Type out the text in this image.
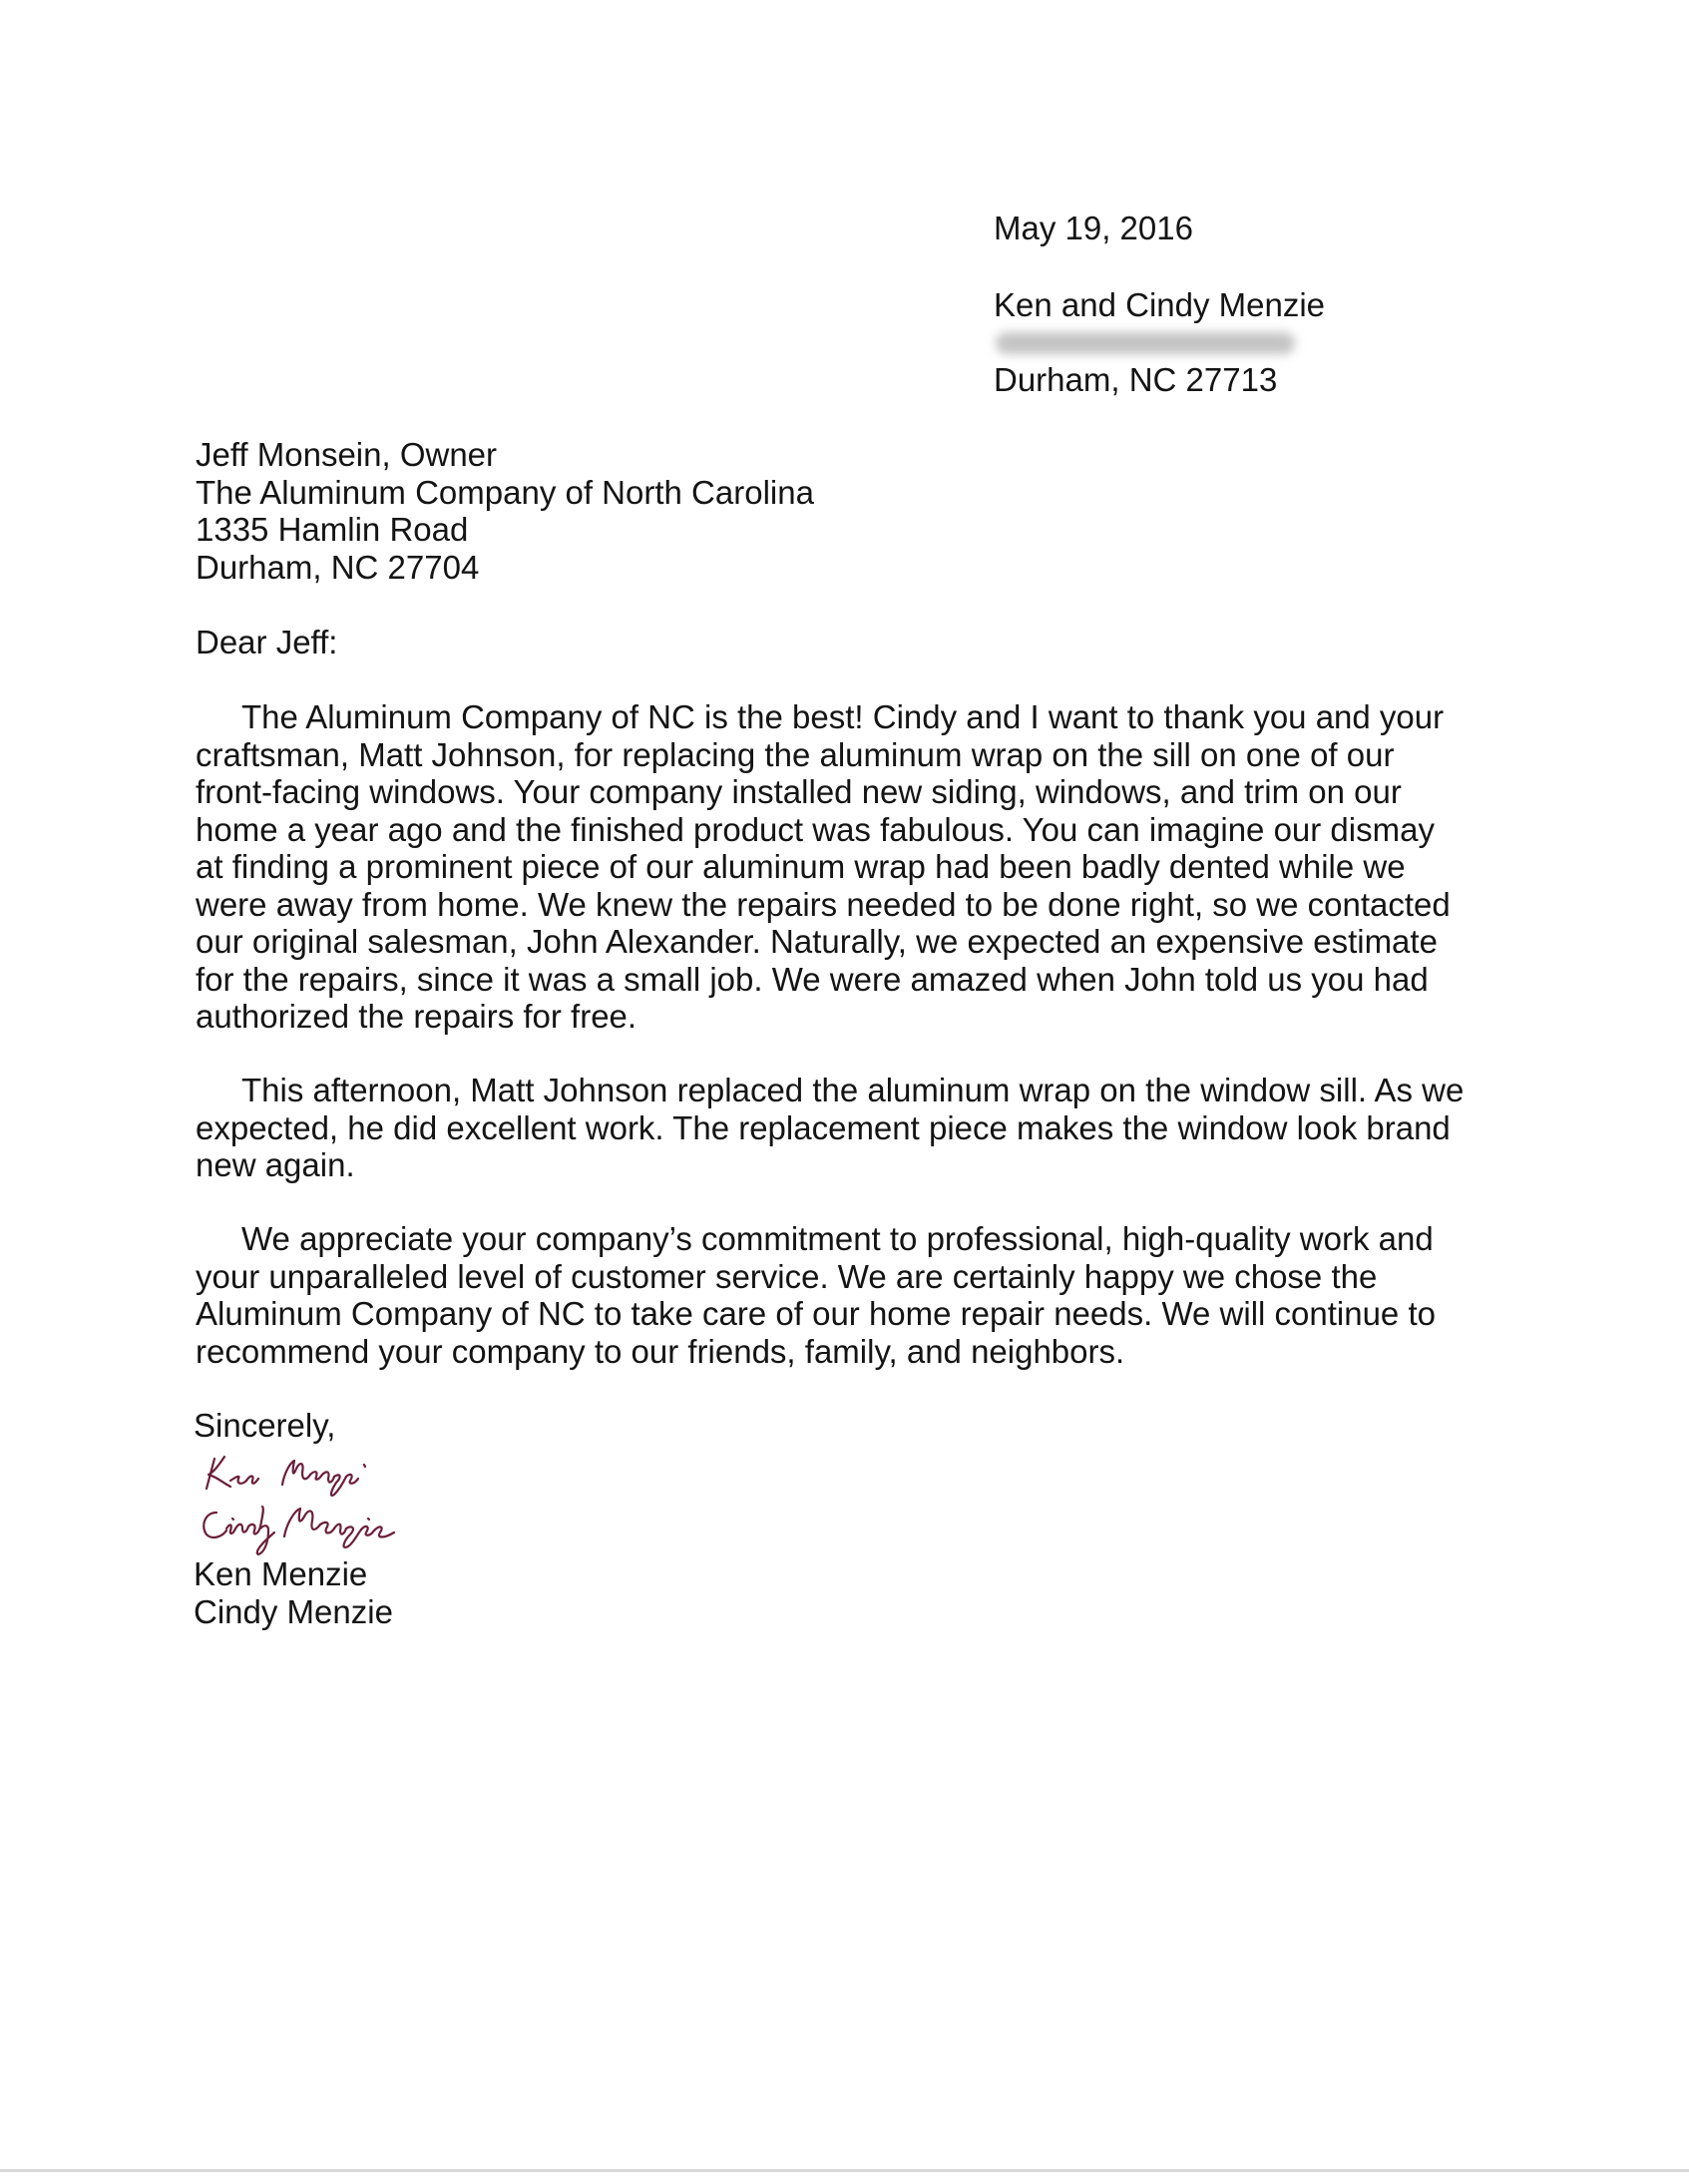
May 19, 2016
Ken and Cindy Menzie
Durham, NC 27713
Jeff Monsein, Owner
The Aluminum Company of North Carolina
1335 Hamlin Road
Durham, NC 27704
Dear Jeff:
The Aluminum Company of NC is the best! Cindy and I want to thank you and your
craftsman, Matt Johnson, for replacing the aluminum wrap on the sill on one of our
front-facing windows. Your company installed new siding, windows, and trim on our
home a year ago and the finished product was fabulous. You can imagine our dismay
at finding a prominent piece of our aluminum wrap had been badly dented while we
were away from home. We knew the repairs needed to be done right, so we contacted
our original salesman, John Alexander. Naturally, we expected an expensive estimate
for the repairs, since it was a small job. We were amazed when John told us you had
authorized the repairs for free.
This afternoon, Matt Johnson replaced the aluminum wrap on the window sill. As we
expected, he did excellent work. The replacement piece makes the window look brand
new again.
We appreciate your company’s commitment to professional, high-quality work and
your unparalleled level of customer service. We are certainly happy we chose the
Aluminum Company of NC to take care of our home repair needs. We will continue to
recommend your company to our friends, family, and neighbors.
Sincerely,
Ken Menzie
Cindy Menzie
